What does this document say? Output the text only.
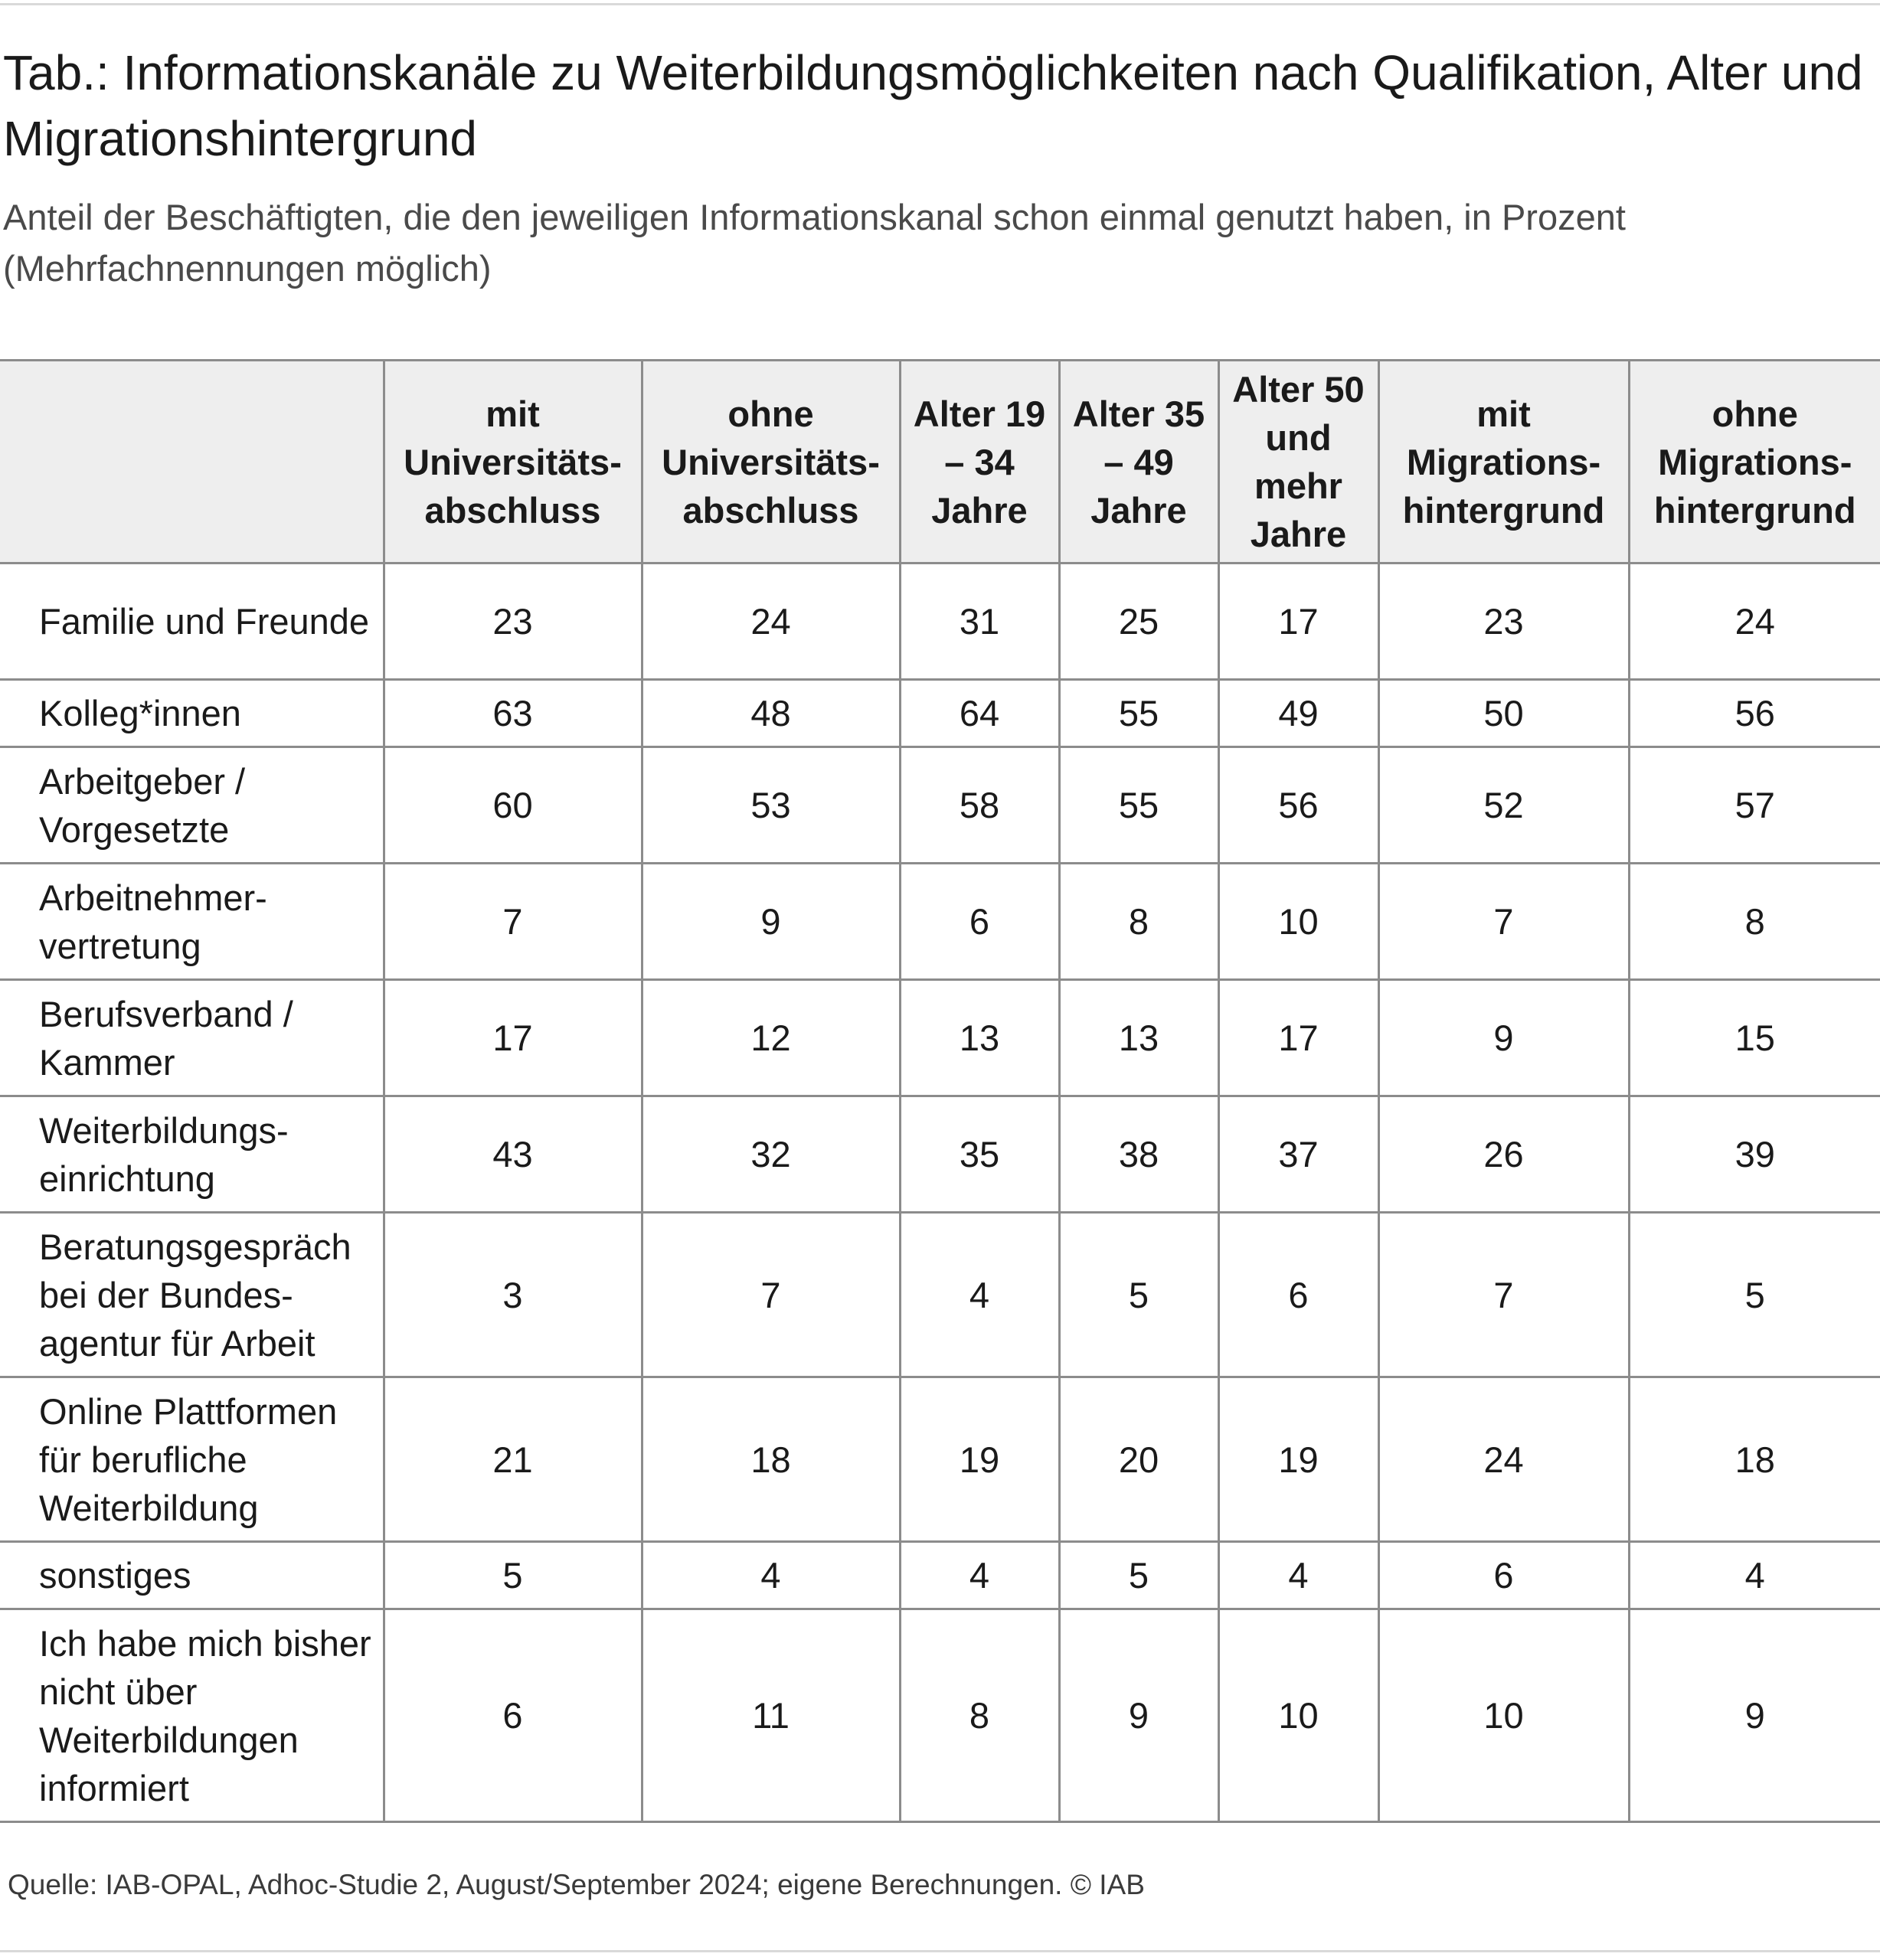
Tab.: Informationskanäle zu Weiterbildungsmöglichkeiten nach Qualifikation, Alter und Migrationshintergrund

Anteil der Beschäftigten, die den jeweiligen Informationskanal schon einmal genutzt haben, in Prozent (Mehrfachnennungen möglich)

	mit Universitäts-abschluss	ohne Universitäts-abschluss	Alter 19 – 34 Jahre	Alter 35 – 49 Jahre	Alter 50 und mehr Jahre	mit Migrations-hintergrund	ohne Migrations-hintergrund
Familie und Freunde	23	24	31	25	17	23	24
Kolleg*innen	63	48	64	55	49	50	56
Arbeitgeber / Vorgesetzte	60	53	58	55	56	52	57
Arbeitnehmer-vertretung	7	9	6	8	10	7	8
Berufsverband / Kammer	17	12	13	13	17	9	15
Weiterbildungs-einrichtung	43	32	35	38	37	26	39
Beratungsgespräch bei der Bundes-agentur für Arbeit	3	7	4	5	6	7	5
Online Plattformen für berufliche Weiterbildung	21	18	19	20	19	24	18
sonstiges	5	4	4	5	4	6	4
Ich habe mich bisher nicht über Weiterbildungen informiert	6	11	8	9	10	10	9

Quelle: IAB-OPAL, Adhoc-Studie 2, August/September 2024; eigene Berechnungen. © IAB
